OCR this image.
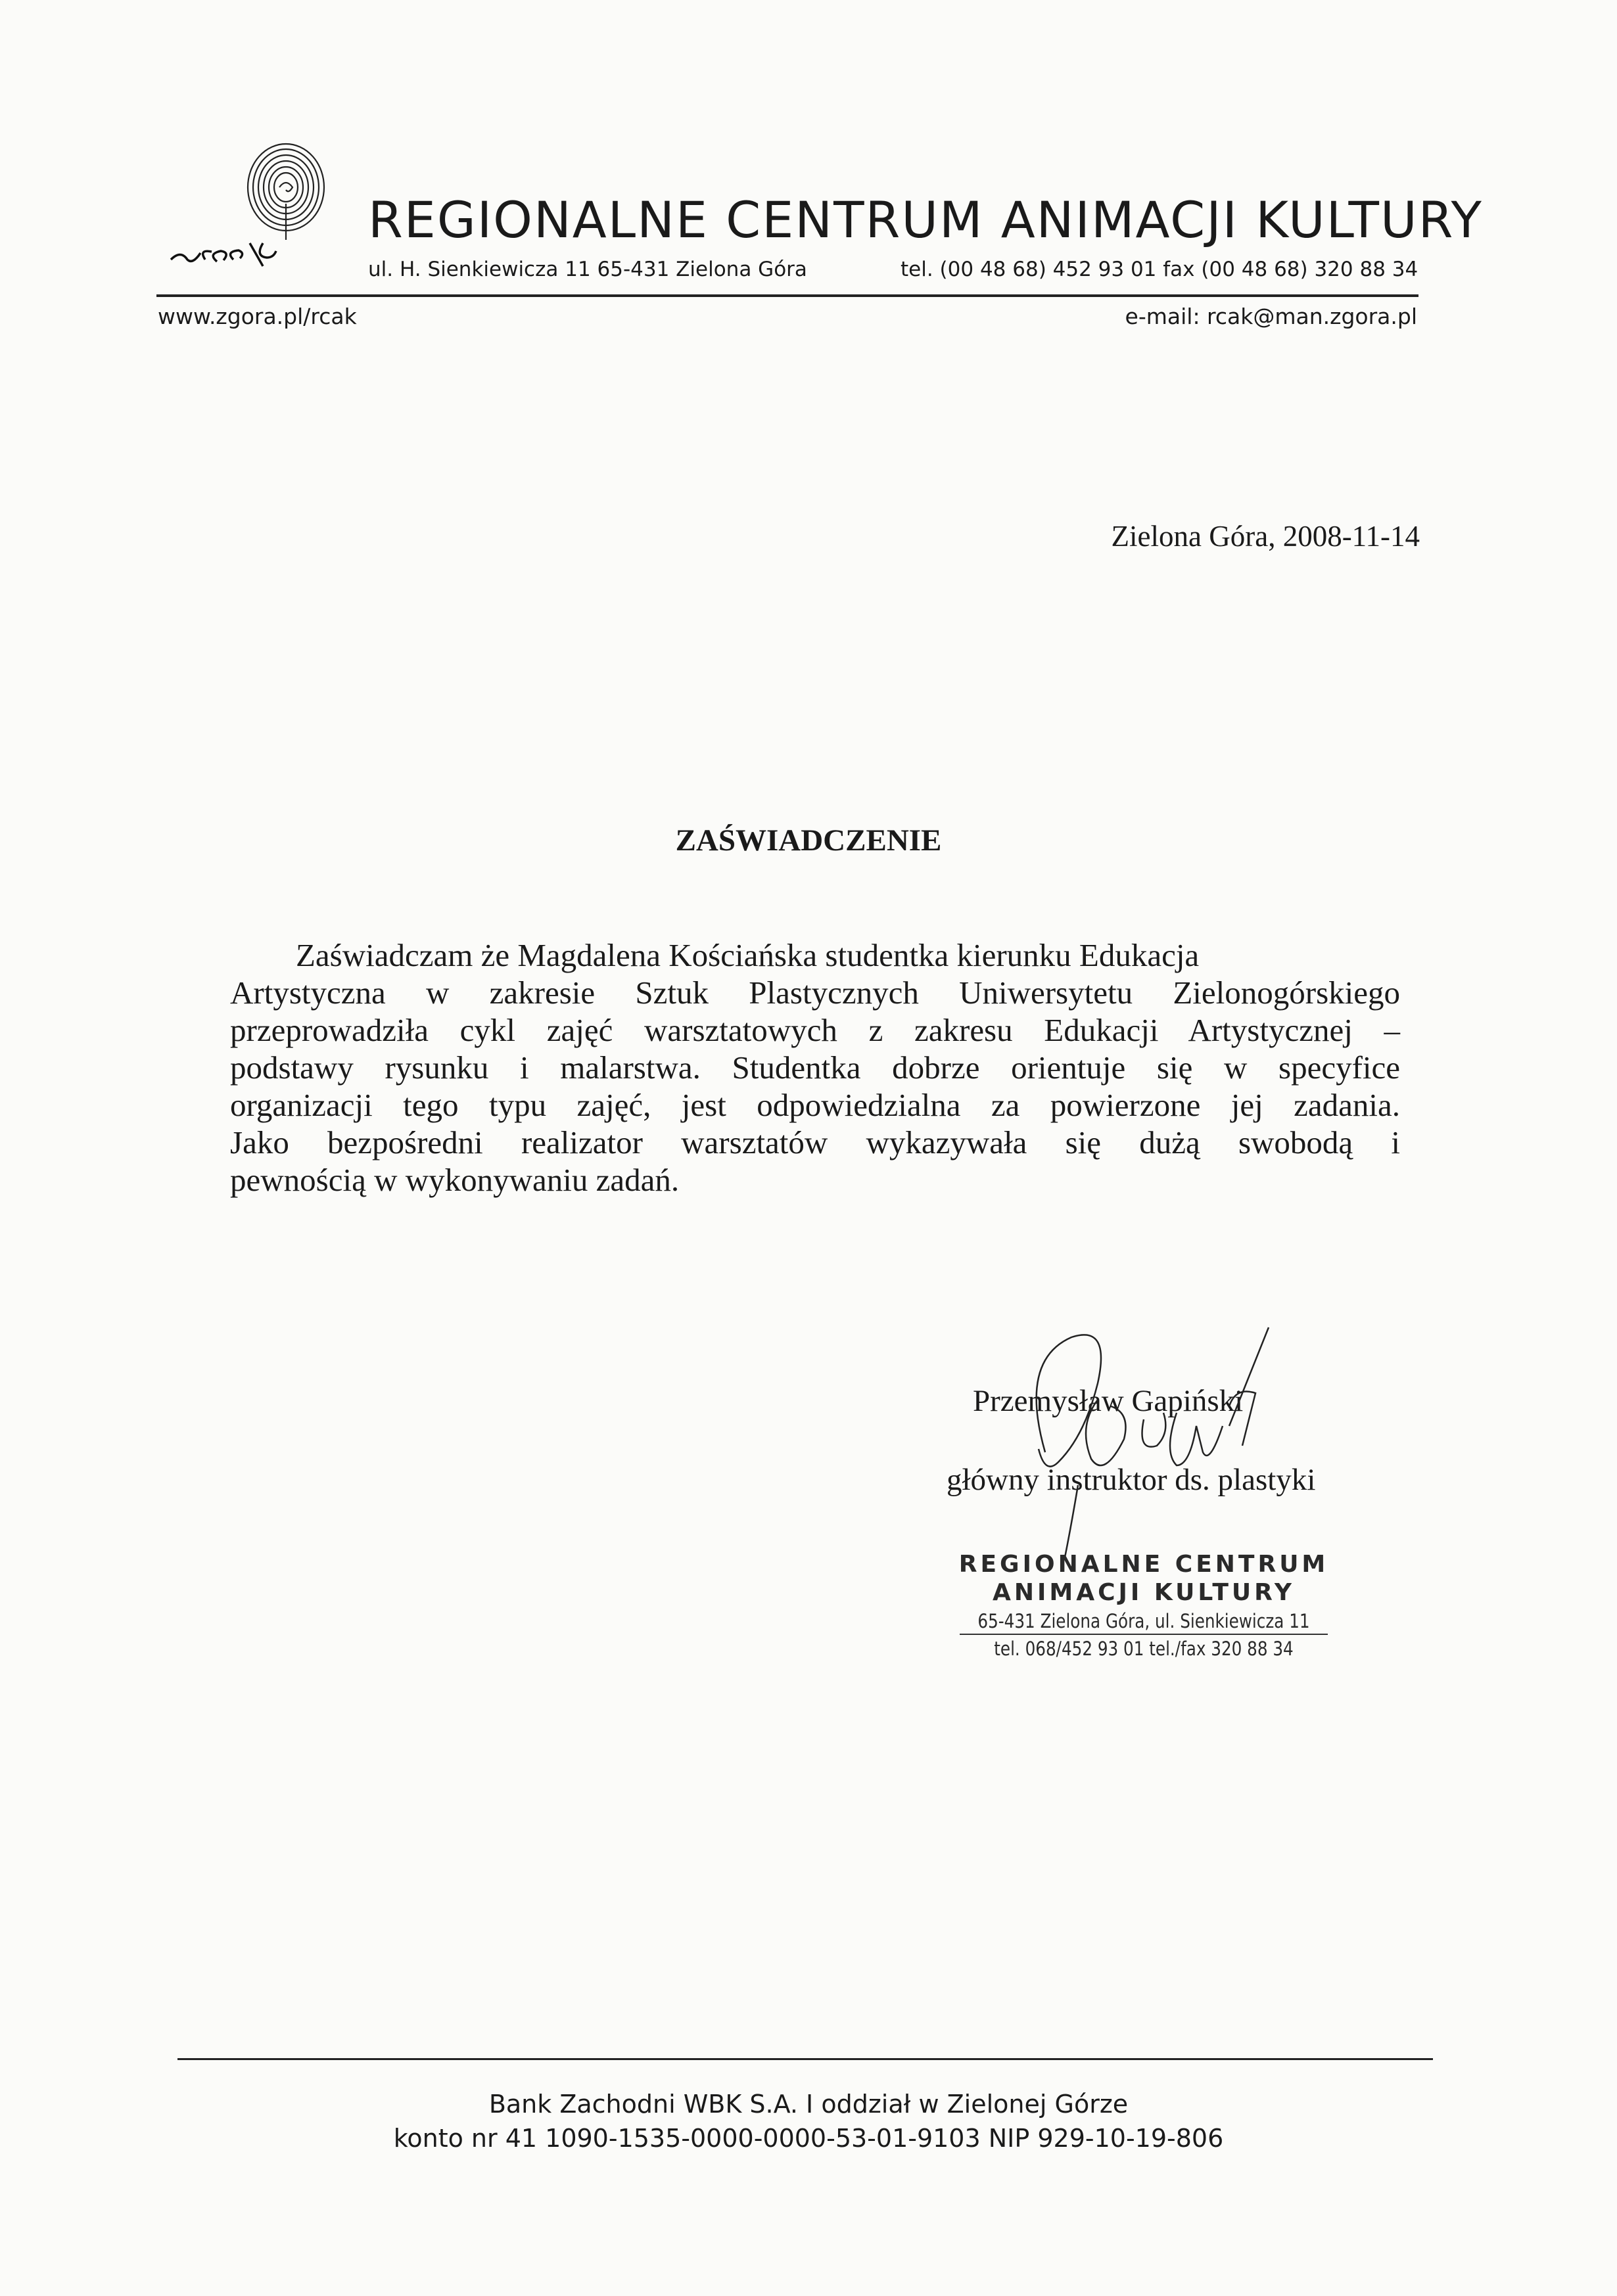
rcak
REGIONALNE CENTRUM ANIMACJI KULTURY
ul. H. Sienkiewicza 11 65-431 Zielona Góra	tel. (00 48 68) 452 93 01 fax (00 48 68) 320 88 34
www.zgora.pl/rcak	e-mail: rcak@man.zgora.pl
Zielona Góra, 2008-11-14
ZAŚWIADCZENIE
Zaświadczam że Magdalena Kościańska studentka kierunku Edukacja
Artystyczna w zakresie Sztuk Plastycznych Uniwersytetu Zielonogórskiego
przeprowadziła cykl zajęć warsztatowych z zakresu Edukacji Artystycznej –
podstawy rysunku i malarstwa. Studentka dobrze orientuje się w specyfice
organizacji tego typu zajęć, jest odpowiedzialna za powierzone jej zadania.
Jako bezpośredni realizator warsztatów wykazywała się dużą swobodą i
pewnością w wykonywaniu zadań.
Przemysław Gapiński
główny instruktor ds. plastyki
REGIONALNE CENTRUM
ANIMACJI KULTURY
65-431 Zielona Góra, ul. Sienkiewicza 11
tel. 068/452 93 01 tel./fax 320 88 34
Bank Zachodni WBK S.A. I oddział w Zielonej Górze
konto nr 41 1090-1535-0000-0000-53-01-9103 NIP 929-10-19-806
